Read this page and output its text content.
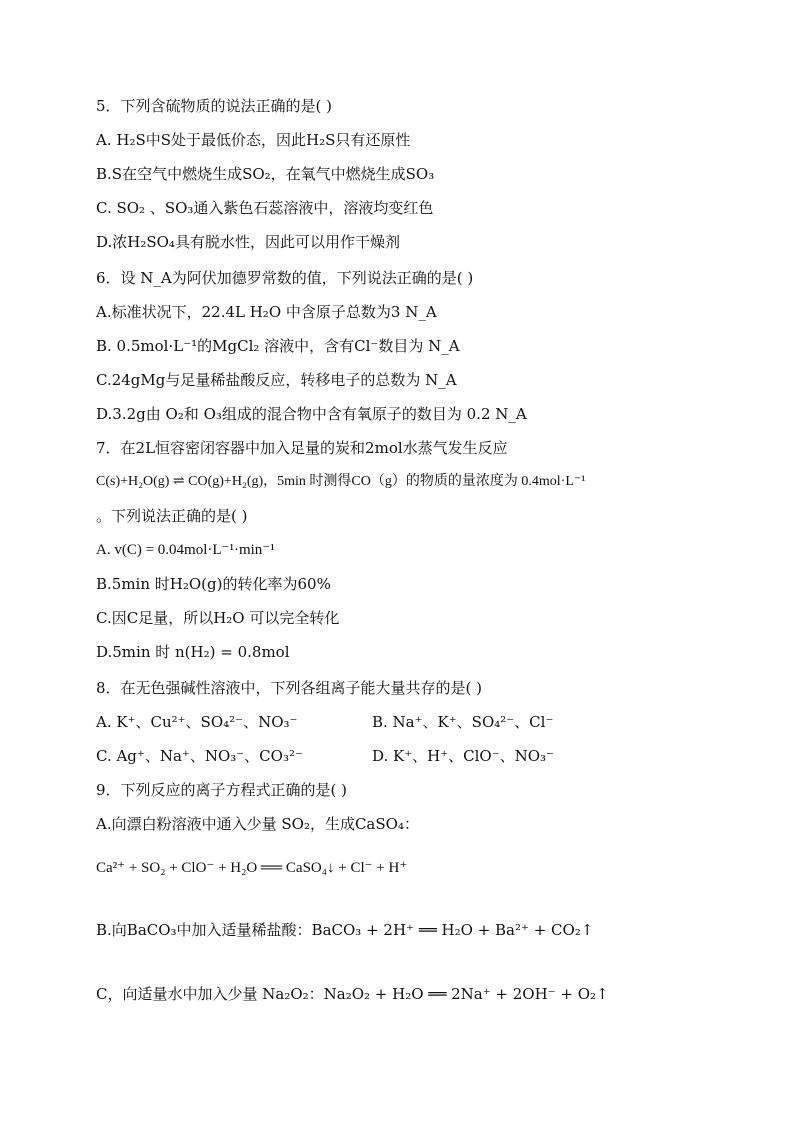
5．下列含硫物质的说法正确的是( )
A. H₂S中S处于最低价态，因此H₂S只有还原性
B.S在空气中燃烧生成SO₂，在氧气中燃烧生成SO₃
C. SO₂ 、SO₃通入紫色石蕊溶液中，溶液均变红色
D.浓H₂SO₄具有脱水性，因此可以用作干燥剂
6．设 N_A为阿伏加德罗常数的值，下列说法正确的是( )
A.标准状况下，22.4L H₂O 中含原子总数为3 N_A
B. 0.5mol·L⁻¹的MgCl₂ 溶液中，含有Cl⁻数目为 N_A
C.24gMg与足量稀盐酸反应，转移电子的总数为 N_A
D.3.2g由 O₂和 O₃组成的混合物中含有氧原子的数目为 0.2 N_A
7．在2L恒容密闭容器中加入足量的炭和2mol水蒸气发生反应
C(s)+H₂O(g) ⇌ CO(g)+H₂(g)，5min 时测得CO（g）的物质的量浓度为 0.4mol·L⁻¹
。下列说法正确的是( )
A. v(C) = 0.04mol·L⁻¹·min⁻¹
B.5min 时H₂O(g)的转化率为60%
C.因C足量，所以H₂O 可以完全转化
D.5min 时 n(H₂) = 0.8mol
8．在无色强碱性溶液中，下列各组离子能大量共存的是( )
A. K⁺、Cu²⁺、SO₄²⁻、NO₃⁻	B. Na⁺、K⁺、SO₄²⁻、Cl⁻
C. Ag⁺、Na⁺、NO₃⁻、CO₃²⁻	D. K⁺、H⁺、ClO⁻、NO₃⁻
9．下列反应的离子方程式正确的是( )
A.向漂白粉溶液中通入少量 SO₂，生成CaSO₄：
Ca²⁺ + SO₂ + ClO⁻ + H₂O ══ CaSO₄↓ + Cl⁻ + H⁺
B.向BaCO₃中加入适量稀盐酸：BaCO₃ + 2H⁺ ══ H₂O + Ba²⁺ + CO₂↑
C，向适量水中加入少量 Na₂O₂：Na₂O₂ + H₂O ══ 2Na⁺ + 2OH⁻ + O₂↑
